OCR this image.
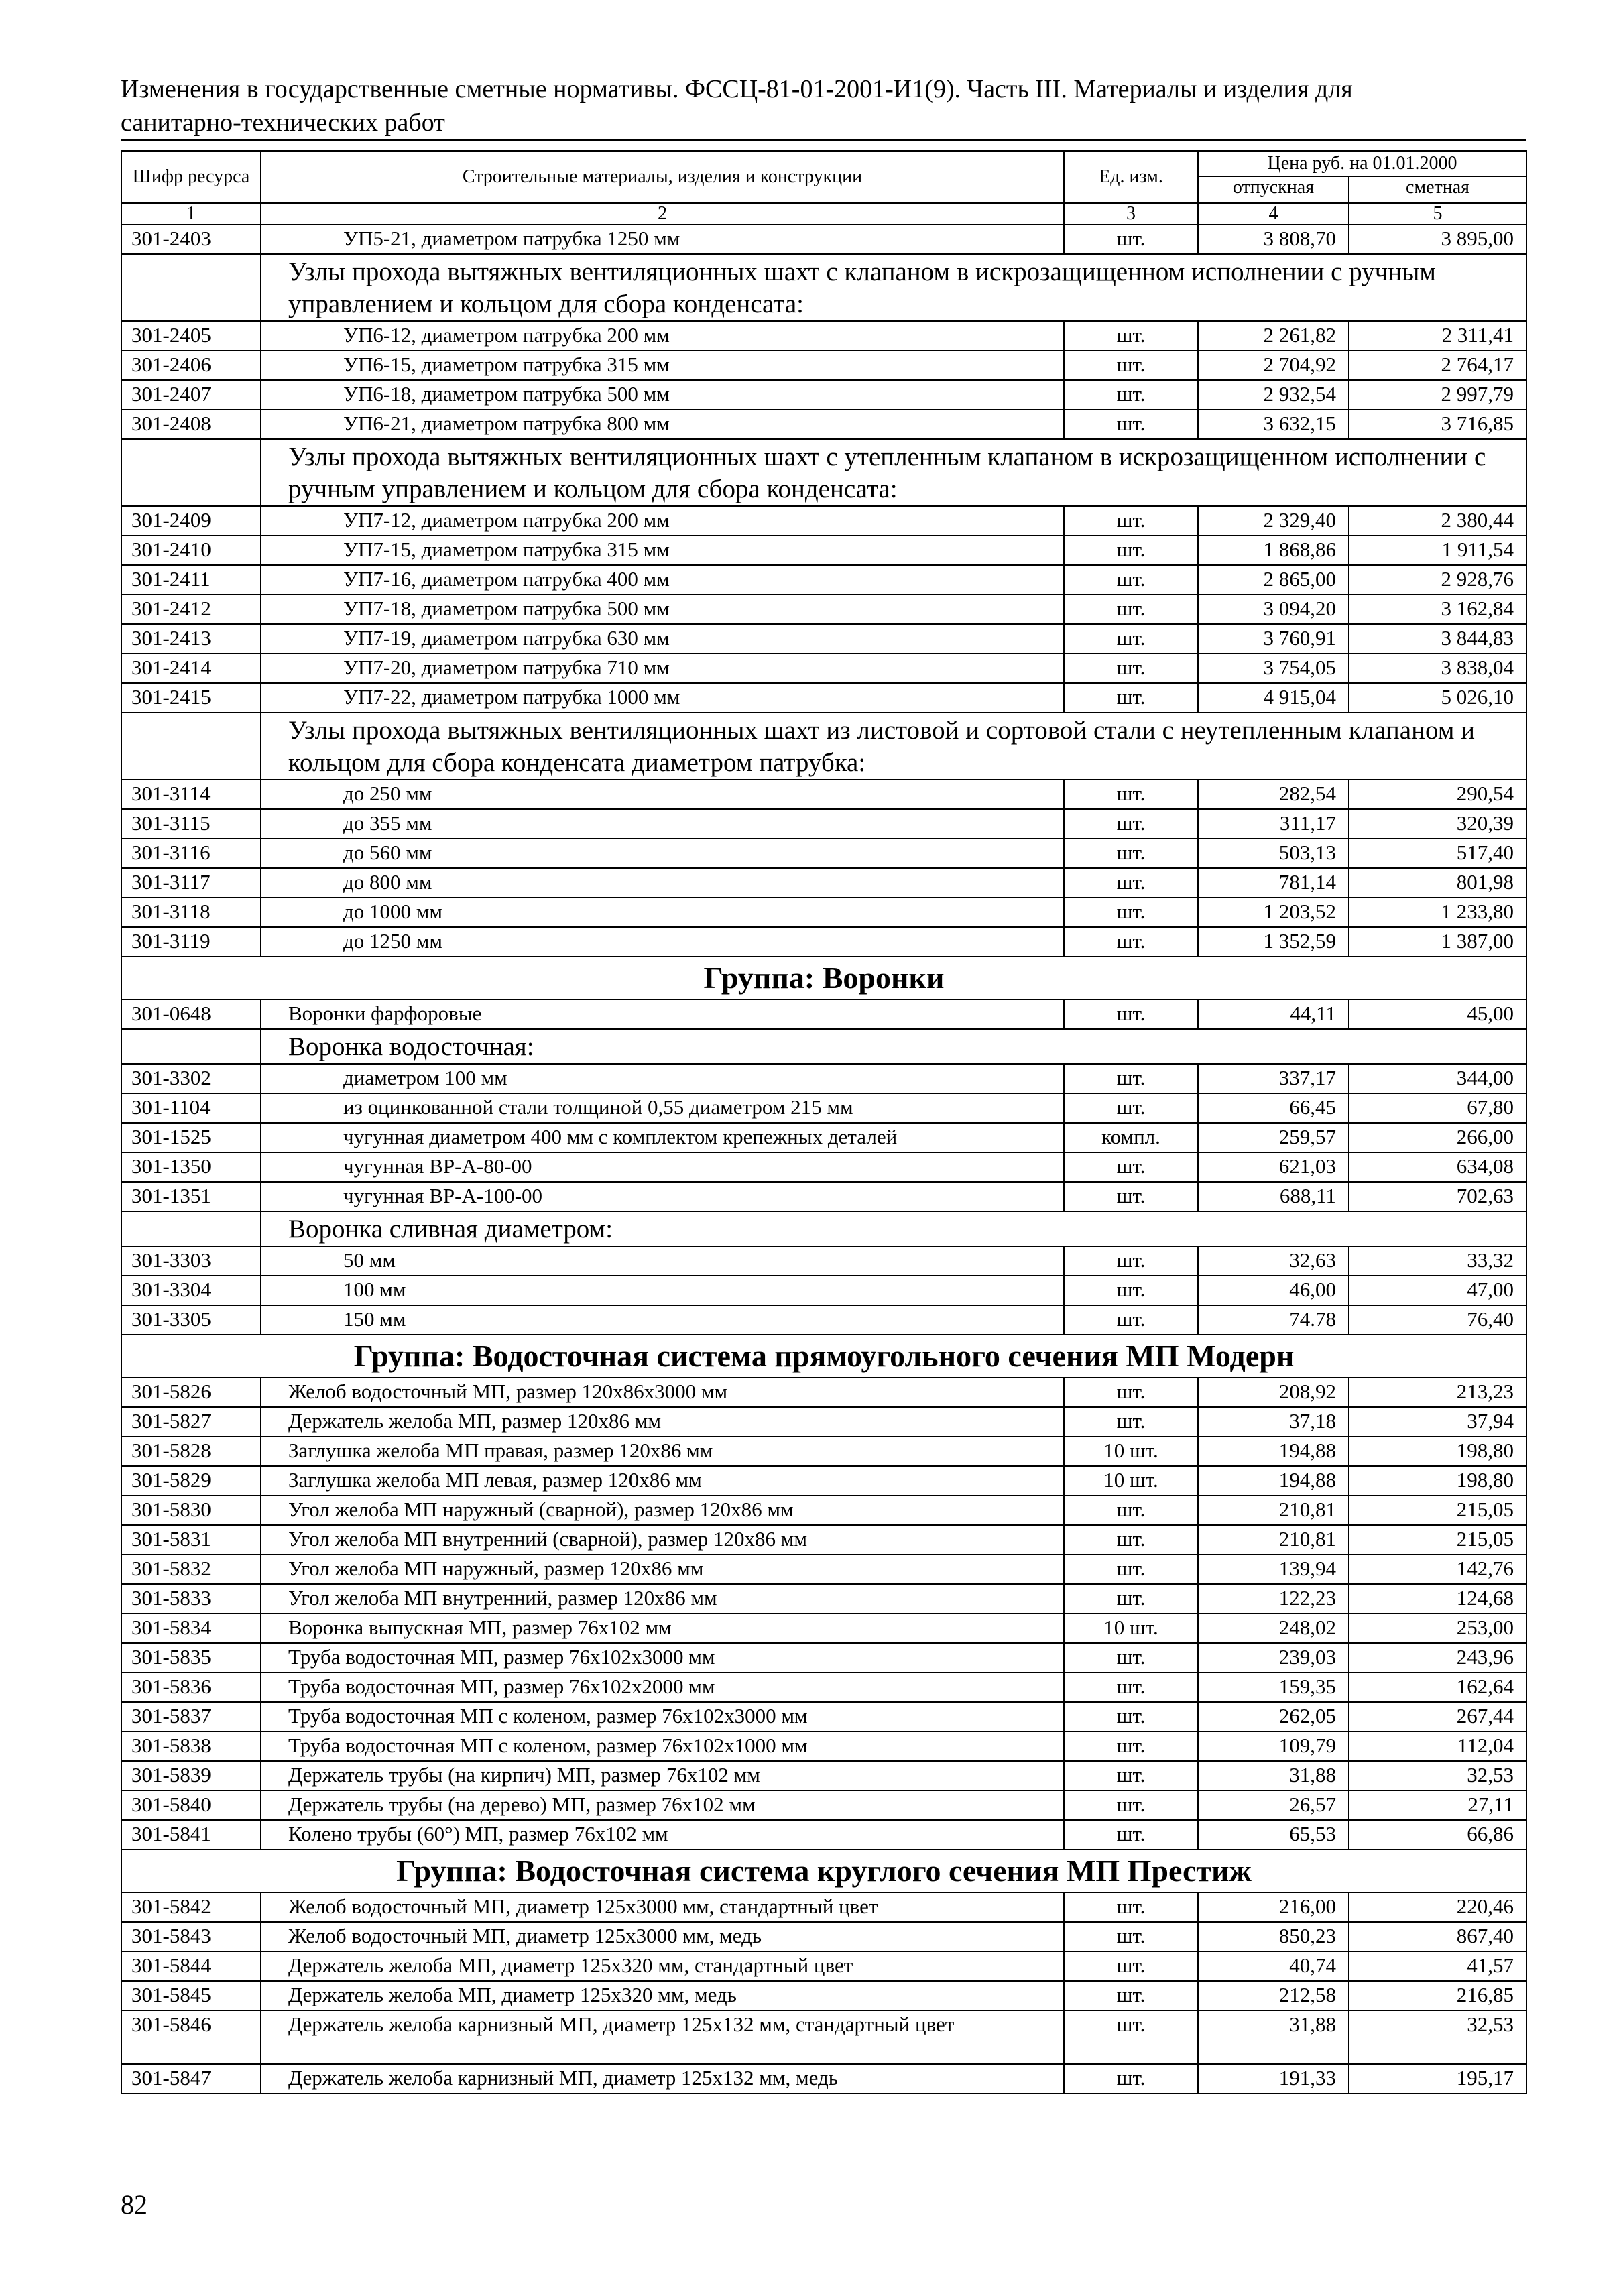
Изменения в государственные сметные нормативы. ФССЦ-81-01-2001-И1(9). Часть III. Материалы и изделия для
санитарно-технических работ
Шифр ресурса	Строительные материалы, изделия и конструкции	Ед. изм.	Цена руб. на 01.01.2000	
			отпускная	сметная
1	2	3	4	5
301-2403	УП5-21, диаметром патрубка 1250 мм	шт.	3 808,70	3 895,00
	Узлы прохода вытяжных вентиляционных шахт с клапаном в искрозащищенном исполнении с ручным управлением и кольцом для сбора конденсата:			
301-2405	УП6-12, диаметром патрубка 200 мм	шт.	2 261,82	2 311,41
301-2406	УП6-15, диаметром патрубка 315 мм	шт.	2 704,92	2 764,17
301-2407	УП6-18, диаметром патрубка 500 мм	шт.	2 932,54	2 997,79
301-2408	УП6-21, диаметром патрубка 800 мм	шт.	3 632,15	3 716,85
	Узлы прохода вытяжных вентиляционных шахт с утепленным клапаном в искрозащищенном исполнении с ручным управлением и кольцом для сбора конденсата:			
301-2409	УП7-12, диаметром патрубка 200 мм	шт.	2 329,40	2 380,44
301-2410	УП7-15, диаметром патрубка 315 мм	шт.	1 868,86	1 911,54
301-2411	УП7-16, диаметром патрубка 400 мм	шт.	2 865,00	2 928,76
301-2412	УП7-18, диаметром патрубка 500 мм	шт.	3 094,20	3 162,84
301-2413	УП7-19, диаметром патрубка 630 мм	шт.	3 760,91	3 844,83
301-2414	УП7-20, диаметром патрубка 710 мм	шт.	3 754,05	3 838,04
301-2415	УП7-22, диаметром патрубка 1000 мм	шт.	4 915,04	5 026,10
	Узлы прохода вытяжных вентиляционных шахт из листовой и сортовой стали с неутепленным клапаном и кольцом для сбора конденсата диаметром патрубка:			
301-3114	до 250 мм	шт.	282,54	290,54
301-3115	до 355 мм	шт.	311,17	320,39
301-3116	до 560 мм	шт.	503,13	517,40
301-3117	до 800 мм	шт.	781,14	801,98
301-3118	до 1000 мм	шт.	1 203,52	1 233,80
301-3119	до 1250 мм	шт.	1 352,59	1 387,00
Группа: Воронки				
301-0648	Воронки фарфоровые	шт.	44,11	45,00
	Воронка водосточная:			
301-3302	диаметром 100 мм	шт.	337,17	344,00
301-1104	из оцинкованной стали толщиной 0,55 диаметром 215 мм	шт.	66,45	67,80
301-1525	чугунная диаметром 400 мм с комплектом крепежных деталей	компл.	259,57	266,00
301-1350	чугунная ВР-А-80-00	шт.	621,03	634,08
301-1351	чугунная ВР-А-100-00	шт.	688,11	702,63
	Воронка сливная диаметром:			
301-3303	50 мм	шт.	32,63	33,32
301-3304	100 мм	шт.	46,00	47,00
301-3305	150 мм	шт.	74.78	76,40
Группа: Водосточная система прямоугольного сечения МП Модерн				
301-5826	Желоб водосточный МП, размер 120х86х3000 мм	шт.	208,92	213,23
301-5827	Держатель желоба МП, размер 120х86 мм	шт.	37,18	37,94
301-5828	Заглушка желоба МП правая, размер 120х86 мм	10 шт.	194,88	198,80
301-5829	Заглушка желоба МП левая, размер 120х86 мм	10 шт.	194,88	198,80
301-5830	Угол желоба МП наружный (сварной), размер 120х86 мм	шт.	210,81	215,05
301-5831	Угол желоба МП внутренний (сварной), размер 120х86 мм	шт.	210,81	215,05
301-5832	Угол желоба МП наружный, размер 120х86 мм	шт.	139,94	142,76
301-5833	Угол желоба МП внутренний, размер 120х86 мм	шт.	122,23	124,68
301-5834	Воронка выпускная МП, размер 76х102 мм	10 шт.	248,02	253,00
301-5835	Труба водосточная МП, размер 76х102х3000 мм	шт.	239,03	243,96
301-5836	Труба водосточная МП, размер 76х102х2000 мм	шт.	159,35	162,64
301-5837	Труба водосточная МП с коленом, размер 76х102х3000 мм	шт.	262,05	267,44
301-5838	Труба водосточная МП с коленом, размер 76х102х1000 мм	шт.	109,79	112,04
301-5839	Держатель трубы (на кирпич) МП, размер 76х102 мм	шт.	31,88	32,53
301-5840	Держатель трубы (на дерево) МП, размер 76х102 мм	шт.	26,57	27,11
301-5841	Колено трубы (60°) МП, размер 76х102 мм	шт.	65,53	66,86
Группа: Водосточная система круглого сечения МП Престиж				
301-5842	Желоб водосточный МП, диаметр 125х3000 мм, стандартный цвет	шт.	216,00	220,46
301-5843	Желоб водосточный МП, диаметр 125х3000 мм, медь	шт.	850,23	867,40
301-5844	Держатель желоба МП, диаметр 125х320 мм, стандартный цвет	шт.	40,74	41,57
301-5845	Держатель желоба МП, диаметр 125х320 мм, медь	шт.	212,58	216,85
301-5846	Держатель желоба карнизный МП, диаметр 125х132 мм, стандартный цвет	шт.	31,88	32,53
301-5847	Держатель желоба карнизный МП, диаметр 125х132 мм, медь	шт.	191,33	195,17
82
